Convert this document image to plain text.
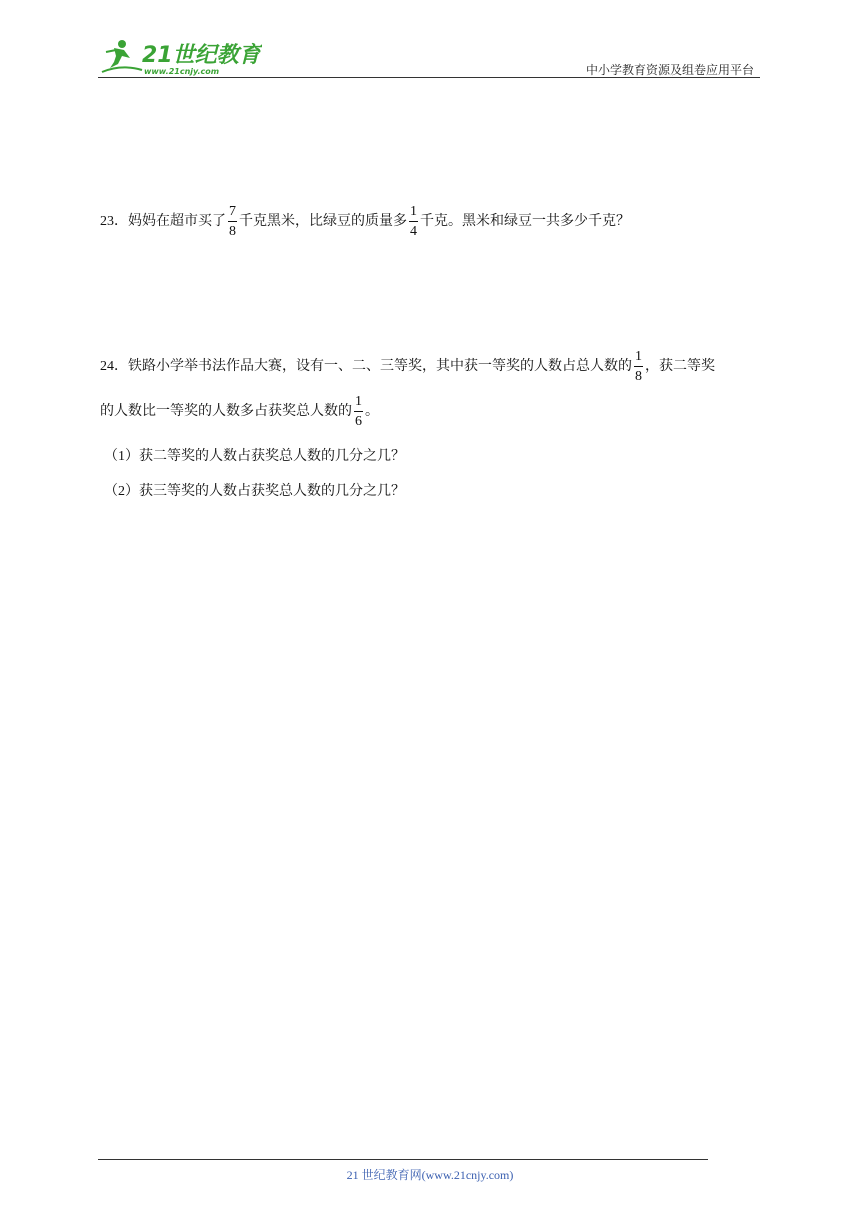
21世纪教育
www.21cnjy.com	中小学教育资源及组卷应用平台
23．妈妈在超市买了 $\frac{7}{8}$ 千克黑米，比绿豆的质量多 $\frac{1}{4}$ 千克。黑米和绿豆一共多少千克？
24．铁路小学举书法作品大赛，设有一、二、三等奖，其中获一等奖的人数占总人数的 $\frac{1}{8}$ ，获二等奖
的人数比一等奖的人数多占获奖总人数的 $\frac{1}{6}$ 。
（1）获二等奖的人数占获奖总人数的几分之几？
（2）获三等奖的人数占获奖总人数的几分之几？
21 世纪教育网(www.21cnjy.com)
